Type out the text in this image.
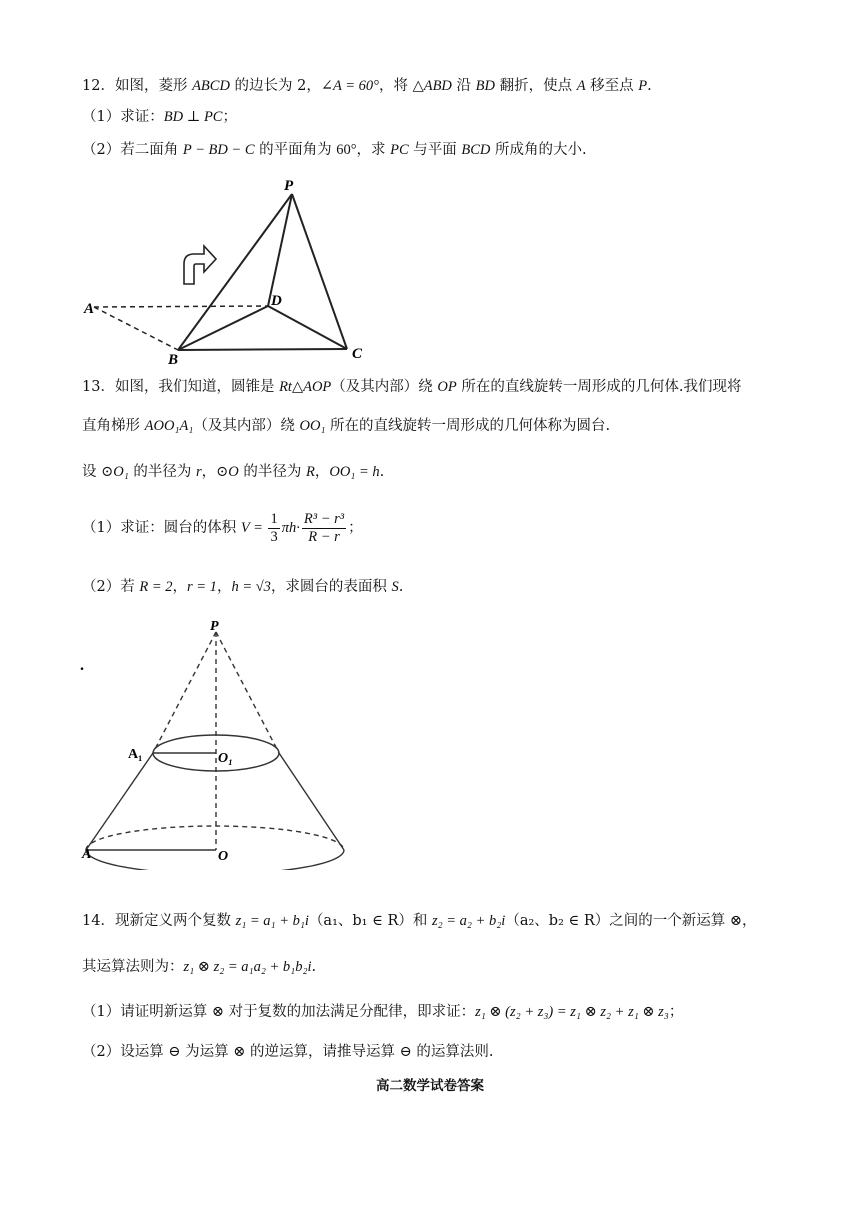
12．如图，菱形 ABCD 的边长为 2，∠A = 60°，将 △ABD 沿 BD 翻折，使点 A 移至点 P.
（1）求证：BD ⊥ PC；
（2）若二面角 P − BD − C 的平面角为 60°，求 PC 与平面 BCD 所成角的大小.
P
A
B	C
D
13．如图，我们知道，圆锥是 Rt△AOP（及其内部）绕 OP 所在的直线旋转一周形成的几何体.我们现将
直角梯形 AOO₁A₁（及其内部）绕 OO₁ 所在的直线旋转一周形成的几何体称为圆台.
设 ⊙O₁ 的半径为 r，⊙O 的半径为 R，OO₁ = h.
（1）求证：圆台的体积 $V = \frac{1}{3} \pi h\cdot \frac{\text{R³ − r³}}{R - r}$ ；
（2）若 R = 2，r = 1，h = √3，求圆台的表面积 S.
P
.
A₁	O₁
A	O
14．现新定义两个复数 z₁ = a₁ + b₁i（a₁、b₁ ∈ R）和 z₂ = a₂ + b₂i（a₂、b₂ ∈ R）之间的一个新运算 ⊗，
其运算法则为：z₁ ⊗ z₂ = a₁a₂ + b₁b₂i.
（1）请证明新运算 ⊗ 对于复数的加法满足分配律，即求证：z₁ ⊗ (z₂ + z₃) = z₁ ⊗ z₂ + z₁ ⊗ z₃；
（2）设运算 ⊖ 为运算 ⊗ 的逆运算，请推导运算 ⊖ 的运算法则.
高二数学试卷答案
